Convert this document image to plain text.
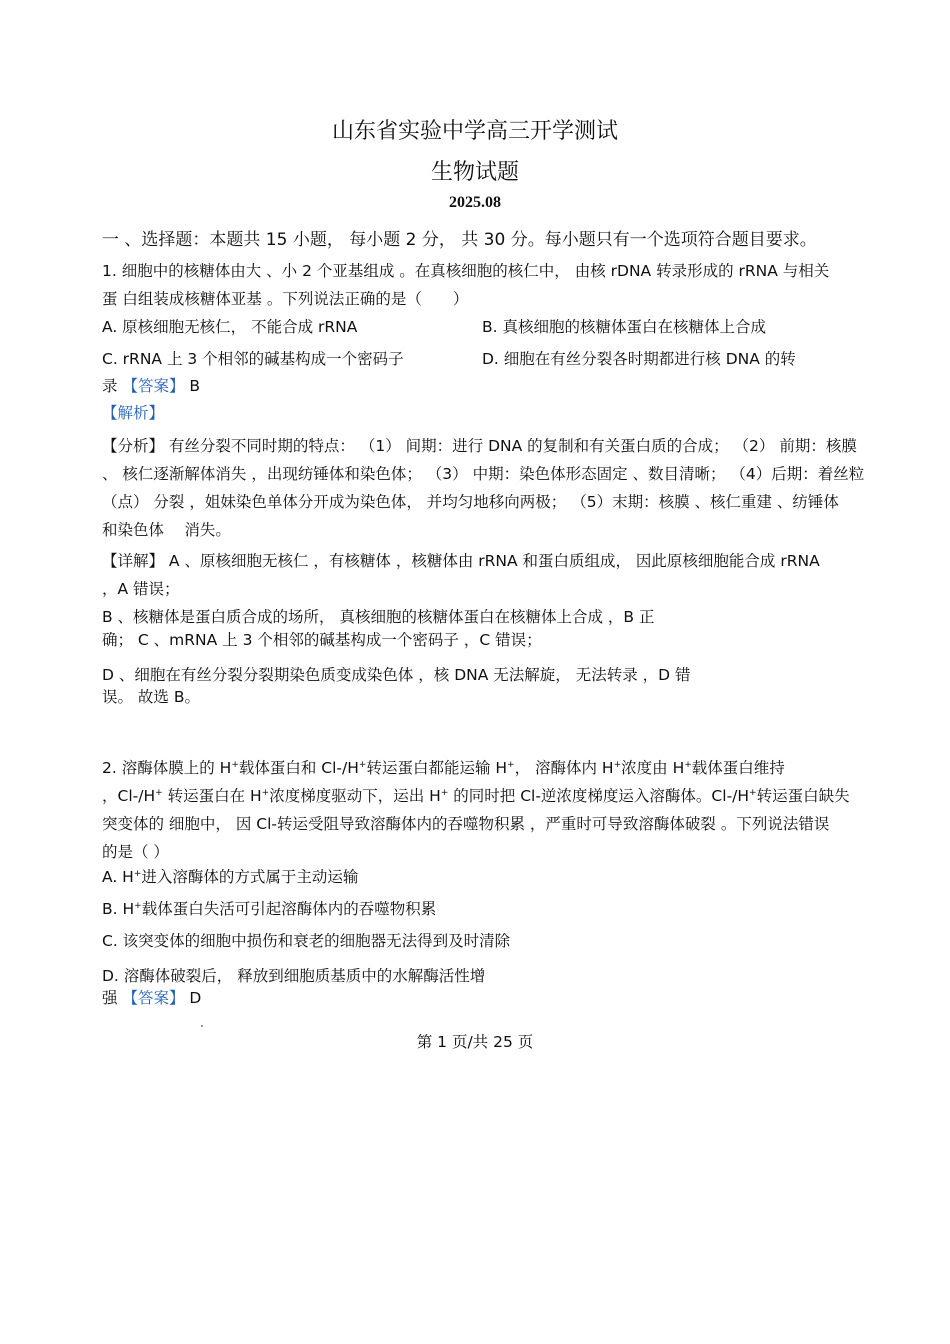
山东省实验中学高三开学测试
生物试题
2025.08
一 、选择题：本题共 15 小题， 每小题 2 分， 共 30 分。每小题只有一个选项符合题目要求。
1. 细胞中的核糖体由大 、小 2 个亚基组成 。在真核细胞的核仁中， 由核 rDNA 转录形成的 rRNA 与相关
蛋 白组装成核糖体亚基 。下列说法正确的是（　　）
A. 原核细胞无核仁， 不能合成 rRNA	B. 真核细胞的核糖体蛋白在核糖体上合成
C. rRNA 上 3 个相邻的碱基构成一个密码子	D. 细胞在有丝分裂各时期都进行核 DNA 的转
录 【答案】 B
【解析】
【分析】 有丝分裂不同时期的特点： （1） 间期：进行 DNA 的复制和有关蛋白质的合成； （2） 前期：核膜
、 核仁逐渐解体消失 ，出现纺锤体和染色体； （3） 中期：染色体形态固定 、数目清晰； （4）后期：着丝粒
（点） 分裂 ，姐妹染色单体分开成为染色体， 并均匀地移向两极； （5）末期：核膜 、核仁重建 、纺锤体
和染色体 　消失。
【详解】 A 、原核细胞无核仁 ，有核糖体 ，核糖体由 rRNA 和蛋白质组成， 因此原核细胞能合成 rRNA
，A 错误；
B 、核糖体是蛋白质合成的场所， 真核细胞的核糖体蛋白在核糖体上合成 ，B 正
确； C 、mRNA 上 3 个相邻的碱基构成一个密码子 ，C 错误；
D 、细胞在有丝分裂分裂期染色质变成染色体 ，核 DNA 无法解旋， 无法转录 ，D 错
误。 故选 B。
2. 溶酶体膜上的 H+载体蛋白和 Cl-/H+转运蛋白都能运输 H+， 溶酶体内 H+浓度由 H+载体蛋白维持
，Cl-/H+ 转运蛋白在 H+浓度梯度驱动下，运出 H+ 的同时把 Cl-逆浓度梯度运入溶酶体。Cl-/H+转运蛋白缺失
突变体的 细胞中， 因 Cl-转运受阻导致溶酶体内的吞噬物积累 ，严重时可导致溶酶体破裂 。下列说法错误
的是（ ）
A. H+进入溶酶体的方式属于主动运输
B. H+载体蛋白失活可引起溶酶体内的吞噬物积累
C. 该突变体的细胞中损伤和衰老的细胞器无法得到及时清除
D. 溶酶体破裂后， 释放到细胞质基质中的水解酶活性增
强 【答案】 D
第 1 页/共 25 页
